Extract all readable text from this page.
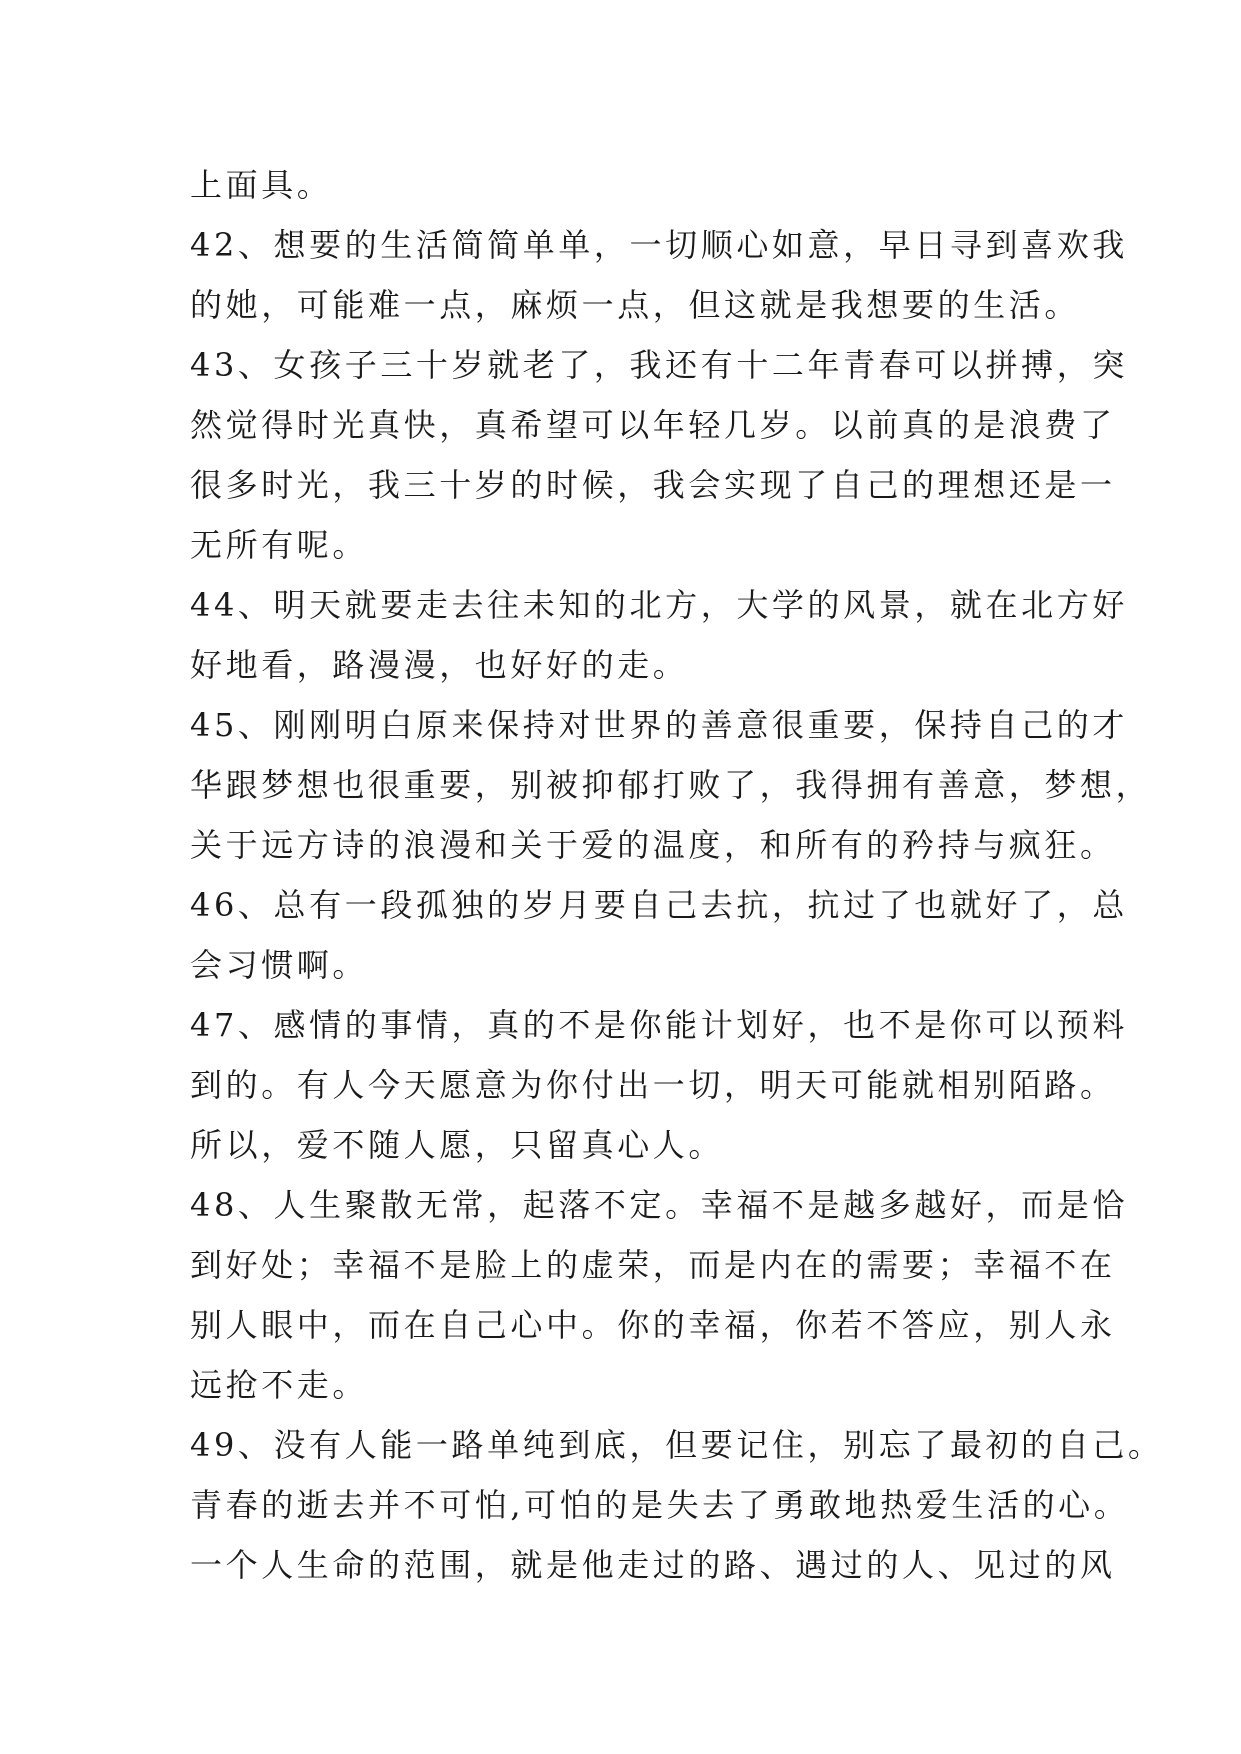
上面具。
42、想要的生活简简单单，一切顺心如意，早日寻到喜欢我
的她，可能难一点，麻烦一点，但这就是我想要的生活。
43、女孩子三十岁就老了，我还有十二年青春可以拼搏，突
然觉得时光真快，真希望可以年轻几岁。以前真的是浪费了
很多时光，我三十岁的时候，我会实现了自己的理想还是一
无所有呢。
44、明天就要走去往未知的北方，大学的风景，就在北方好
好地看，路漫漫，也好好的走。
45、刚刚明白原来保持对世界的善意很重要，保持自己的才
华跟梦想也很重要，别被抑郁打败了，我得拥有善意，梦想，
关于远方诗的浪漫和关于爱的温度，和所有的矜持与疯狂。
46、总有一段孤独的岁月要自己去抗，抗过了也就好了，总
会习惯啊。
47、感情的事情，真的不是你能计划好，也不是你可以预料
到的。有人今天愿意为你付出一切，明天可能就相别陌路。
所以，爱不随人愿，只留真心人。
48、人生聚散无常，起落不定。幸福不是越多越好，而是恰
到好处；幸福不是脸上的虚荣，而是内在的需要；幸福不在
别人眼中，而在自己心中。你的幸福，你若不答应，别人永
远抢不走。
49、没有人能一路单纯到底，但要记住，别忘了最初的自己。
青春的逝去并不可怕,可怕的是失去了勇敢地热爱生活的心。
一个人生命的范围，就是他走过的路、遇过的人、见过的风
